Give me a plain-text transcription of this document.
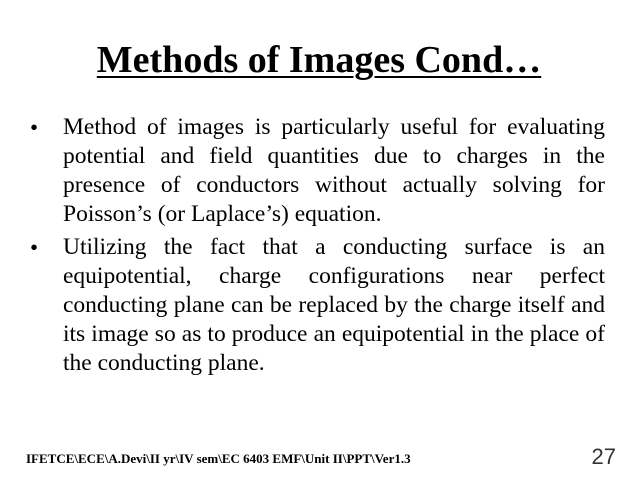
Methods of Images Cond…
• Method of images is particularly useful for evaluating potential and field quantities due to charges in the presence of conductors without actually solving for Poisson’s (or Laplace’s) equation.
• Utilizing the fact that a conducting surface is an equipotential, charge configurations near perfect conducting plane can be replaced by the charge itself and its image so as to produce an equipotential in the place of the conducting plane.
IFETCE\ECE\A.Devi\II yr\IV sem\EC 6403 EMF\Unit II\PPT\Ver1.3	27
